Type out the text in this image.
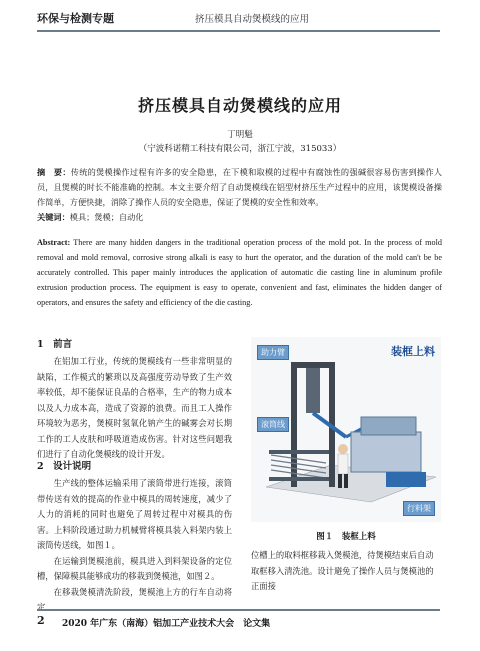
环保与检测专题	挤压模具自动煲模线的应用
挤压模具自动煲模线的应用
丁明魁
（宁波科诺精工科技有限公司，浙江宁波，315033）
摘　要：传统的煲模操作过程有许多的安全隐患，在下模和取模的过程中有腐蚀性的强碱很容易伤害到操作人员，且煲模的时长不能准确的控制。本文主要介绍了自动煲模线在铝型材挤压生产过程中的应用，该煲模设备操作简单，方便快捷，消除了操作人员的安全隐患，保证了煲模的安全性和效率。
关键词：模具；煲模；自动化
Abstract: There are many hidden dangers in the traditional operation process of the mold pot. In the process of mold removal and mold removal, corrosive strong alkali is easy to hurt the operator, and the duration of the mold can't be be accurately controlled. This paper mainly introduces the application of automatic die casting line in aluminum profile extrusion production process. The equipment is easy to operate, convenient and fast, eliminates the hidden danger of operators, and ensures the safety and efficiency of the die casting.
1　前言

在铝加工行业，传统的煲模线有一些非常明显的缺陷，工作模式的繁琐以及高强度劳动导致了生产效率较低，却不能保证良品的合格率，生产的物力成本以及人力成本高，造成了资源的浪费。而且工人操作环境较为恶劣，煲模时氢氧化钠产生的碱雾会对长期工作的工人皮肤和呼吸道造成伤害。针对这些问题我们进行了自动化煲模线的设计开发。

2　设计说明

生产线的整体运输采用了滚筒带进行连接，滚筒带传送有效的提高的作业中模具的周转速度，减少了人力的消耗的同时也避免了周转过程中对模具的伤害。上料阶段通过助力机械臂将模具装入料架内装上滚筒传送线，如图１。

在运输到煲模池前，模具进入到料架设备的定位槽，保障模具能够成功的移栽到煲模池，如图２。

在移栽煲模清洗阶段，煲模池上方的行车自动将定

装框上料
助力臂
滚筒线
行料架
图１　装框上料
位槽上的取料框移栽入煲模池，待煲模结束后自动取框移入清洗池。设计避免了操作人员与煲模池的正面接
2 2020 年广东（南海）铝加工产业技术大会　论文集
